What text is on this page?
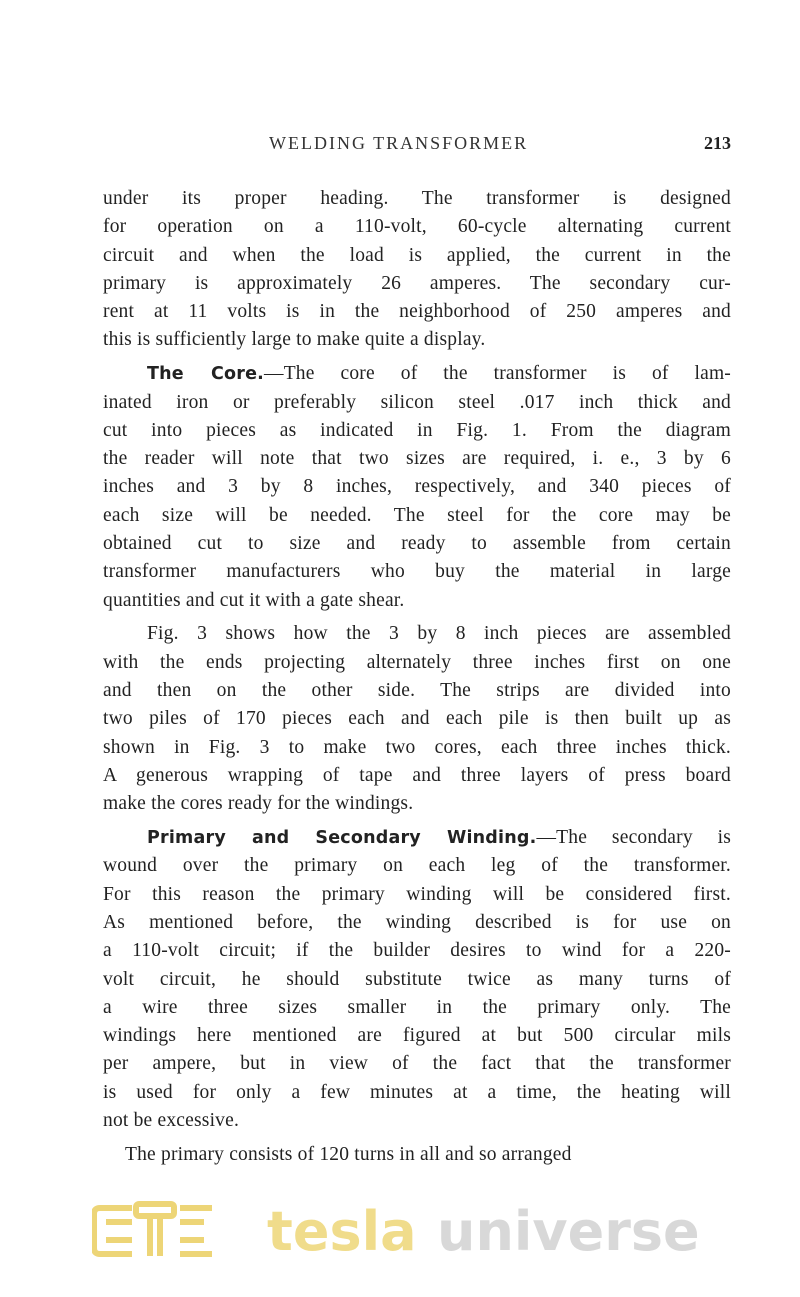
WELDING TRANSFORMER	213
under its proper heading. The transformer is designed
for operation on a 110-volt, 60-cycle alternating current
circuit and when the load is applied, the current in the
primary is approximately 26 amperes. The secondary cur-
rent at 11 volts is in the neighborhood of 250 amperes and
this is sufficiently large to make quite a display.
The Core.—The core of the transformer is of lam-
inated iron or preferably silicon steel .017 inch thick and
cut into pieces as indicated in Fig. 1. From the diagram
the reader will note that two sizes are required, i. e., 3 by 6
inches and 3 by 8 inches, respectively, and 340 pieces of
each size will be needed. The steel for the core may be
obtained cut to size and ready to assemble from certain
transformer manufacturers who buy the material in large
quantities and cut it with a gate shear.
Fig. 3 shows how the 3 by 8 inch pieces are assembled
with the ends projecting alternately three inches first on one
and then on the other side. The strips are divided into
two piles of 170 pieces each and each pile is then built up as
shown in Fig. 3 to make two cores, each three inches thick.
A generous wrapping of tape and three layers of press board
make the cores ready for the windings.
Primary and Secondary Winding.—The secondary is
wound over the primary on each leg of the transformer.
For this reason the primary winding will be considered first.
As mentioned before, the winding described is for use on
a 110-volt circuit; if the builder desires to wind for a 220-
volt circuit, he should substitute twice as many turns of
a wire three sizes smaller in the primary only. The
windings here mentioned are figured at but 500 circular mils
per ampere, but in view of the fact that the transformer
is used for only a few minutes at a time, the heating will
not be excessive.
The primary consists of 120 turns in all and so arranged
tesla universe
